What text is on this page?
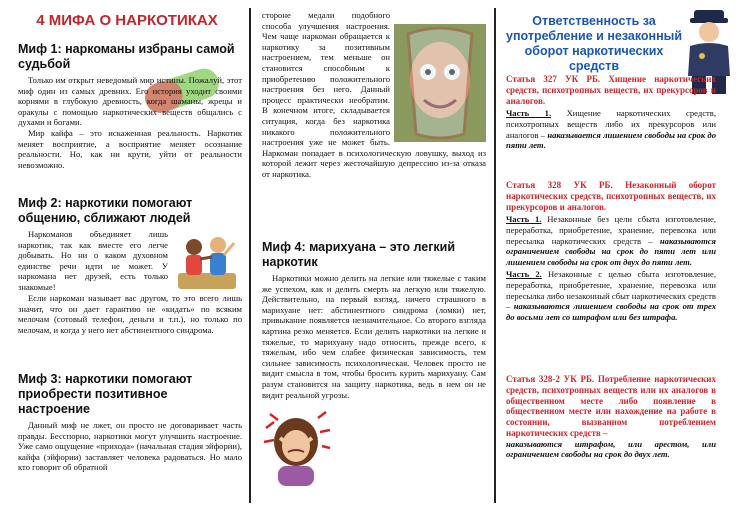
4 МИФА О НАРКОТИКАХ

Миф 1: наркоманы избраны самой судьбой

Только им открыт неведомый мир истины. Пожалуй, этот миф один из самых древних. Его история уходит своими корнями в глубокую древность, когда шаманы, жрецы и оракулы с помощью наркотических веществ общались с духами и богами.

Мир кайфа – это искаженная реальность. Наркотик меняет восприятие, а восприятие меняет осознание реальности. Но, как ни крути, уйти от реальности невозможно.

Миф 2: наркотики помогают общению, сближают людей

Наркоманов объединяет лишь наркотик, так как вместе его легче добывать. Но ни о каком духовном единстве речи идти не может. У наркомана нет друзей, есть только знакомые!

Если наркоман называет вас другом, то это всего лишь значит, что он дает гарантию не «кидать» по всяким мелочам (сотовый телефон, деньги и т.п.), но только по мелочам, и когда у него нет абстинентного синдрома.

Миф 3: наркотики помогают приобрести позитивное настроение

Данный миф не лжет, он просто не договаривает часть правды. Бесспорно, наркотики могут улучшить настроение. Уже само ощущение «прихода» (начальная стадия эйфории), кайфа (эйфории) заставляет человека радоваться. Но мало кто говорит об обратной

стороне медали подобного способа улучшения настроения. Чем чаще наркоман обращается к наркотику за позитивным настроением, тем меньше он становится способным к приобретению положительного настроения без него. Данный процесс практически необратим. В конечном итоге, складывается ситуация, когда без наркотика никакого положительного настроения уже не может быть. Наркоман попадает в психологическую ловушку, выход из которой лежит через жесточайшую депрессию из-за отказа от наркотика.

Миф 4: марихуана – это легкий наркотик

Наркотики можно делить на легкие или тяжелые с таким же успехом, как и делить смерть на легкую или тяжелую. Действительно, на первый взгляд, ничего страшного в марихуане нет: абстинентного синдрома (ломки) нет, привыкание появляется незначительное. Со второго взгляда картина резко меняется. Если делить наркотики на легкие и тяжелые, то марихуану надо относить, прежде всего, к тяжелым, ибо чем слабее физическая зависимость, тем сильнее зависимость психологическая. Человек просто не видит смысла в том, чтобы бросить курить марихуану. Сам разум становится на защиту наркотика, ведь в нем он не видит реальной угрозы.

Ответственность за употребление и незаконный оборот наркотических средств

Статья 327 УК РБ. Хищение наркотических средств, психотропных веществ, их прекурсоров и аналогов.

Часть 1. Хищение наркотических средств, психотропных веществ либо их прекурсоров или аналогов – наказывается лишением свободы на срок до пяти лет.

Статья 328 УК РБ. Незаконный оборот наркотических средств, психотропных веществ, их прекурсоров и аналогов.

Часть 1. Незаконные без цели сбыта изготовление, переработка, приобретение, хранение, перевозка или пересылка наркотических средств – наказываются ограничением свободы на срок до пяти лет или лишением свободы на срок от двух до пяти лет.

Часть 2. Незаконные с целью сбыта изготовление, переработка, приобретение, хранение, перевозка или пересылка либо незаконный сбыт наркотических средств – наказываются лишением свободы на срок от трех до восьми лет со штрафом или без штрафа.

Статья 328-2 УК РБ. Потребление наркотических средств, психотропных веществ или их аналогов в общественном месте либо появление в общественном месте или нахождение на работе в состоянии, вызванном потреблением наркотических средств –

наказываются штрафом, или арестом, или ограничением свободы на срок до двух лет.
